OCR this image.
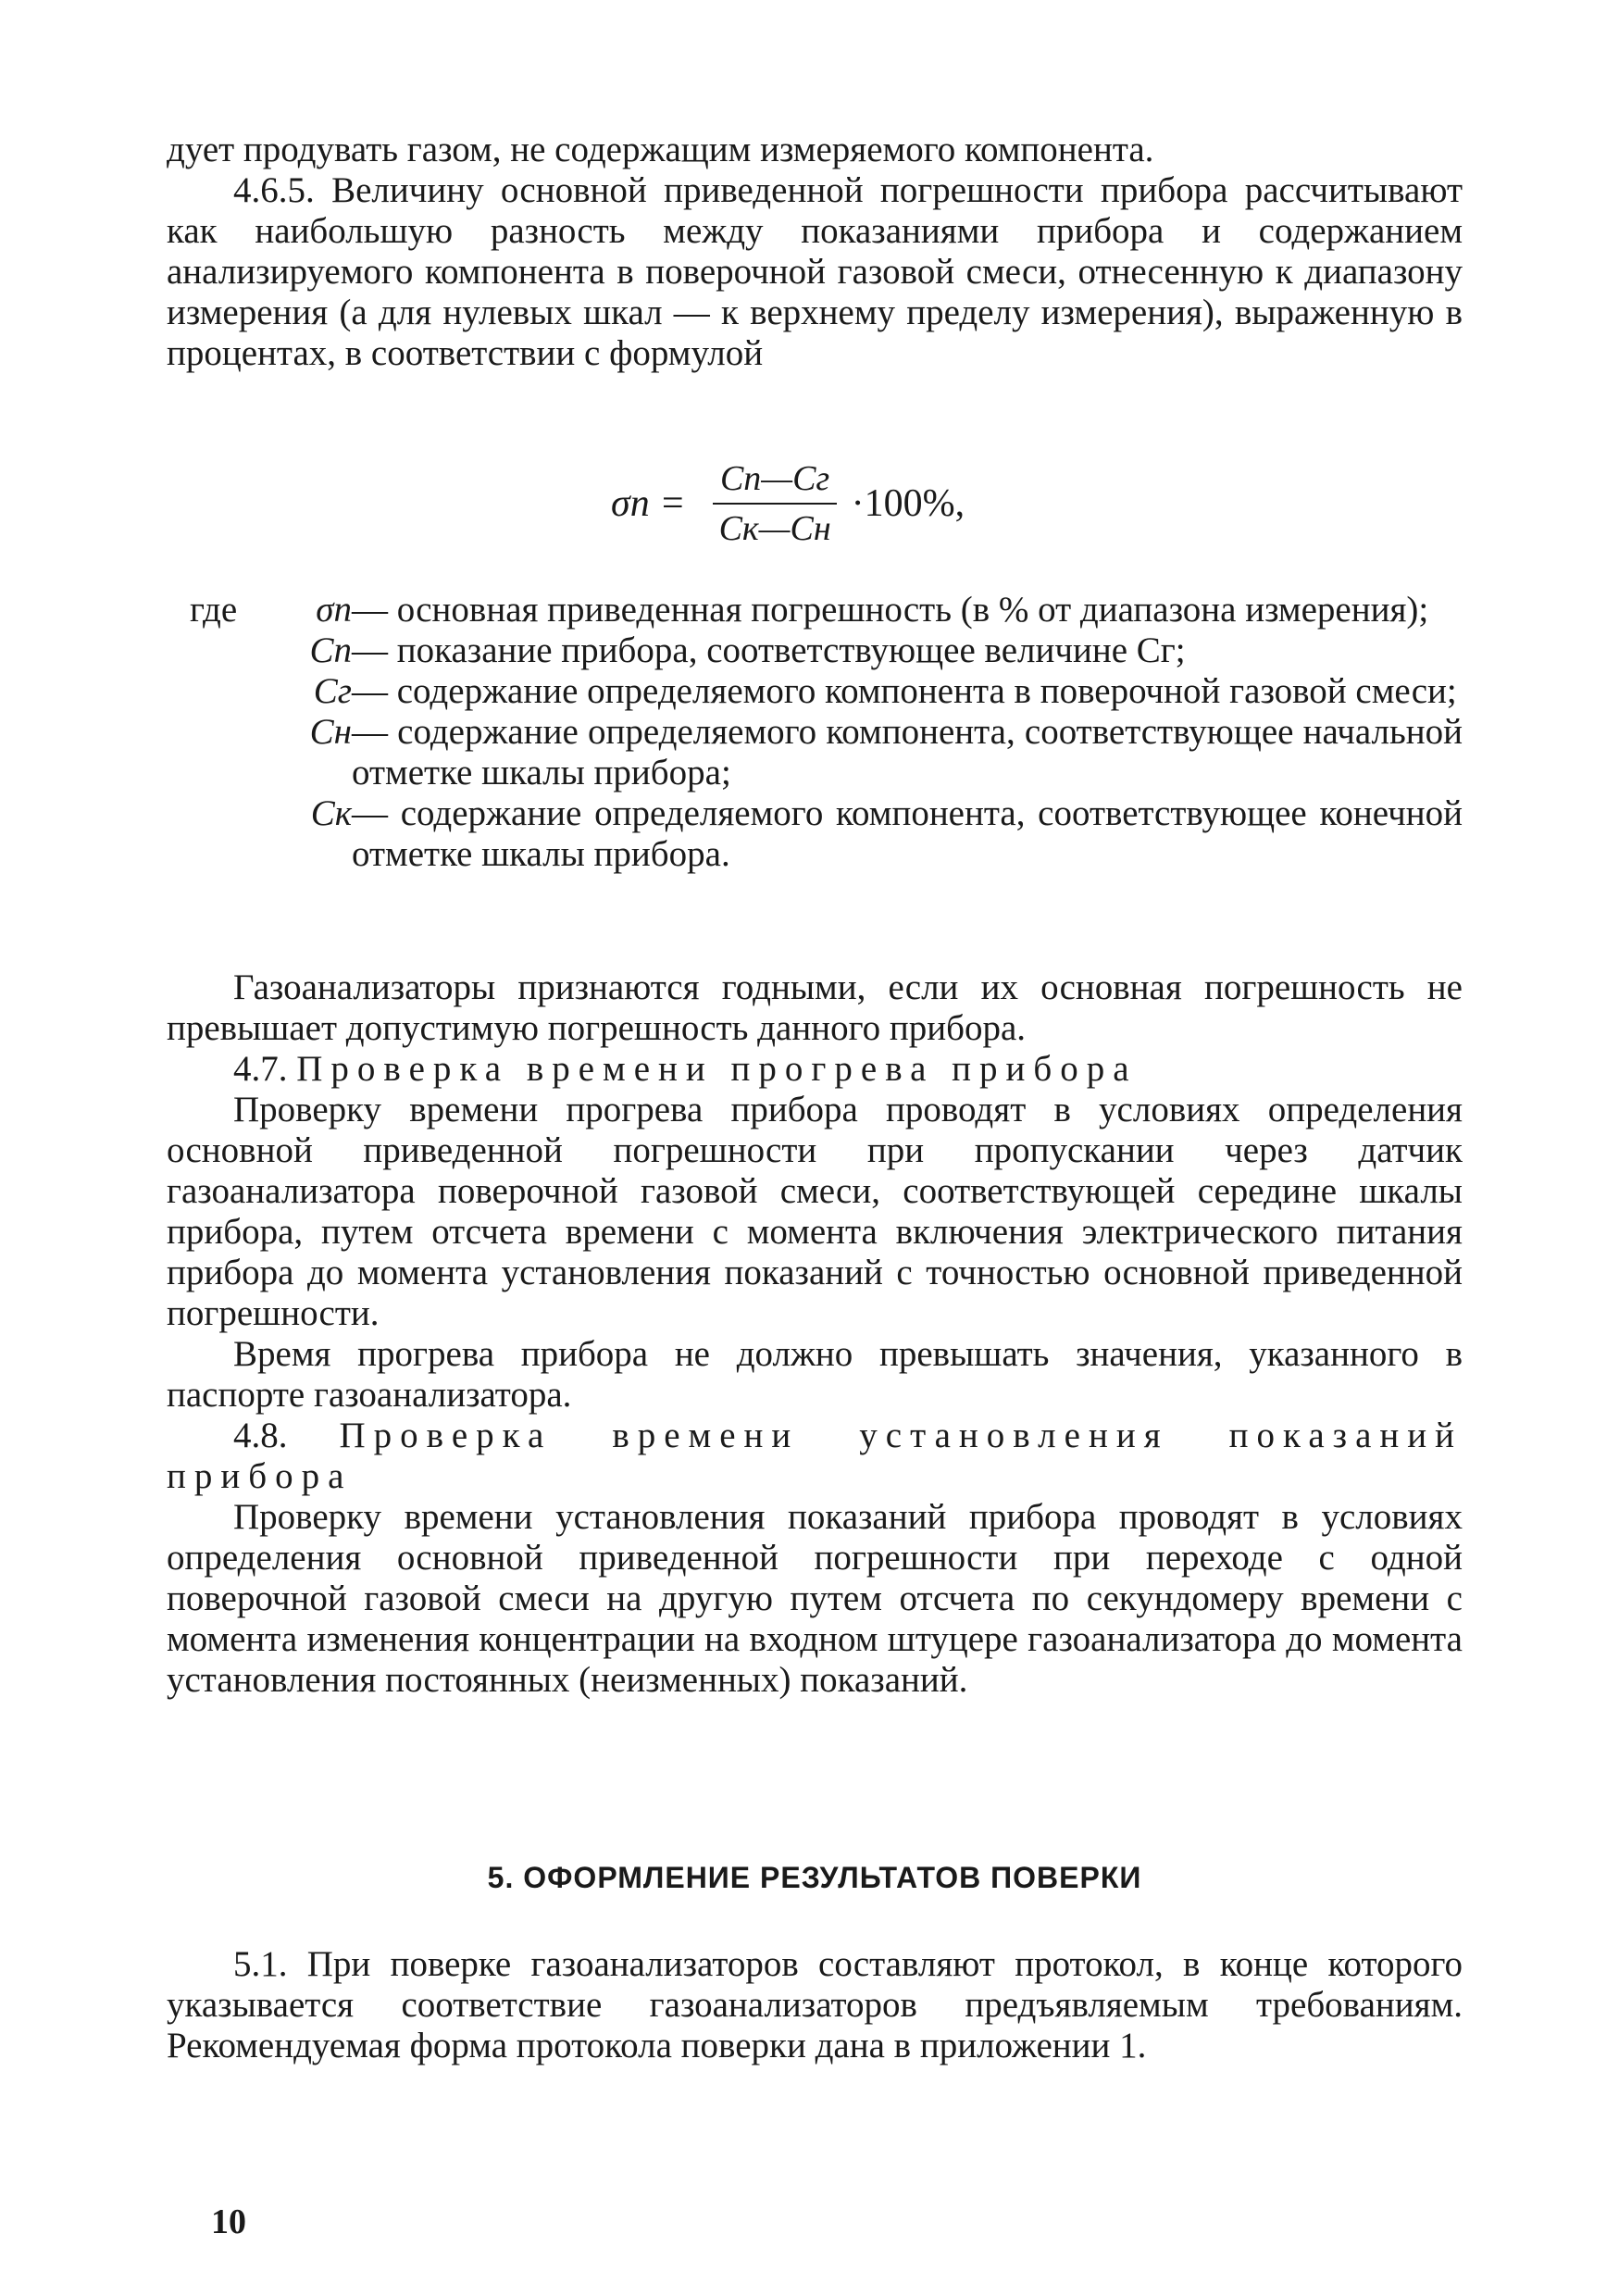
дует продувать газом, не содержащим измеряемого компонента.

4.6.5. Величину основной приведенной погрешности прибора рассчитывают как наибольшую разность между показаниями прибора и содержанием анализируемого компонента в поверочной газовой смеси, отнесенную к диапазону измерения (а для нулевых шкал — к верхнему пределу измерения), выраженную в процентах, в соответствии с формулой

$\sigma п = \frac{Cп—Cг}{Cк—Cн} \cdot 100\%$,
где	σп — основная приведенная погрешность (в % от диапазона измерения);
Cп — показание прибора, соответствующее величине Cг;
Cг — содержание определяемого компонента в поверочной газовой смеси;
Cн — содержание определяемого компонента, соответствующее начальной отметке шкалы прибора;
Cк — содержание определяемого компонента, соответствующее конечной отметке шкалы прибора.

Газоанализаторы признаются годными, если их основная погрешность не превышает допустимую погрешность данного прибора.

4.7. Проверка времени прогрева прибора

Проверку времени прогрева прибора проводят в условиях определения основной приведенной погрешности при пропускании через датчик газоанализатора поверочной газовой смеси, соответствующей середине шкалы прибора, путем отсчета времени с момента включения электрического питания прибора до момента установления показаний с точностью основной приведенной погрешности.

Время прогрева прибора не должно превышать значения, указанного в паспорте газоанализатора.

4.8. Проверка времени установления показаний прибора

Проверку времени установления показаний прибора проводят в условиях определения основной приведенной погрешности при переходе с одной поверочной газовой смеси на другую путем отсчета по секундомеру времени с момента изменения концентрации на входном штуцере газоанализатора до момента установления постоянных (неизменных) показаний.

5. ОФОРМЛЕНИЕ РЕЗУЛЬТАТОВ ПОВЕРКИ

5.1. При поверке газоанализаторов составляют протокол, в конце которого указывается соответствие газоанализаторов предъявляемым требованиям. Рекомендуемая форма протокола поверки дана в приложении 1.

10
